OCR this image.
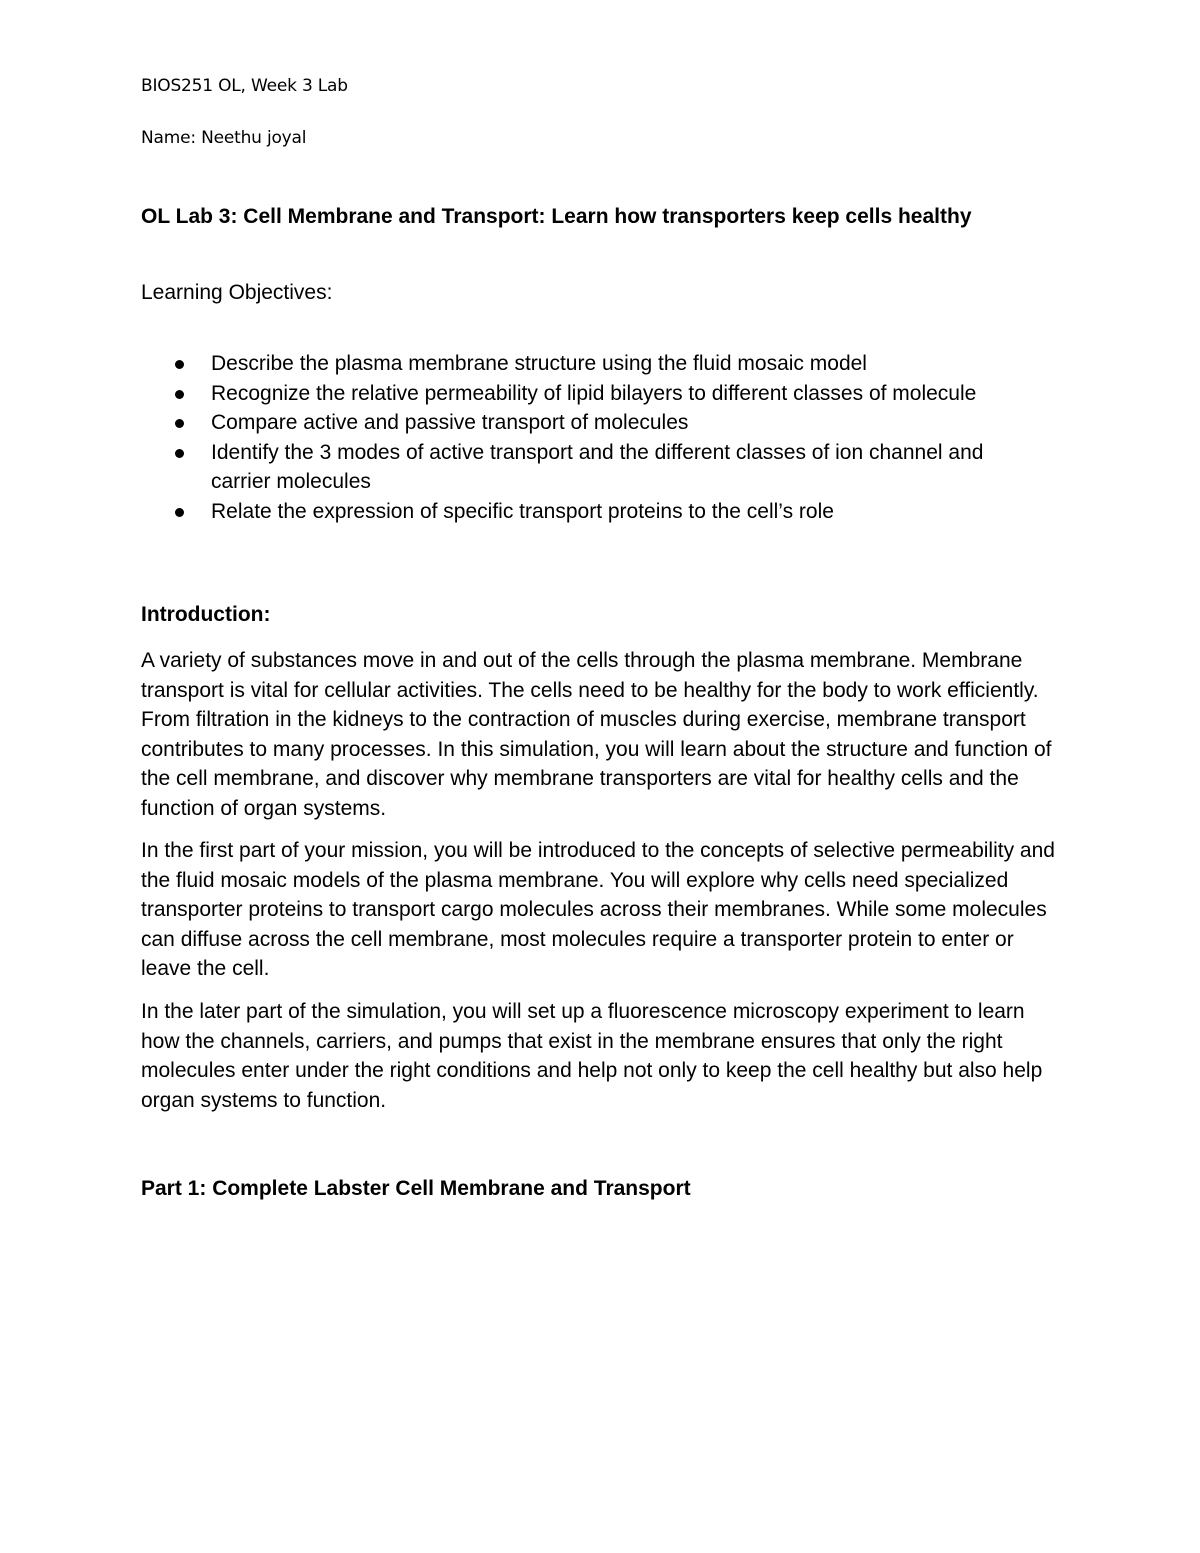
BIOS251 OL, Week 3 Lab
Name: Neethu joyal
OL Lab 3: Cell Membrane and Transport: Learn how transporters keep cells healthy

Learning Objectives:

Describe the plasma membrane structure using the fluid mosaic model
Recognize the relative permeability of lipid bilayers to different classes of molecule
Compare active and passive transport of molecules
Identify the 3 modes of active transport and the different classes of ion channel and carrier molecules
Relate the expression of specific transport proteins to the cell’s role
Introduction:

A variety of substances move in and out of the cells through the plasma membrane. Membrane transport is vital for cellular activities. The cells need to be healthy for the body to work efficiently. From filtration in the kidneys to the contraction of muscles during exercise, membrane transport contributes to many processes. In this simulation, you will learn about the structure and function of the cell membrane, and discover why membrane transporters are vital for healthy cells and the function of organ systems.

In the first part of your mission, you will be introduced to the concepts of selective permeability and the fluid mosaic models of the plasma membrane. You will explore why cells need specialized transporter proteins to transport cargo molecules across their membranes. While some molecules can diffuse across the cell membrane, most molecules require a transporter protein to enter or leave the cell.

In the later part of the simulation, you will set up a fluorescence microscopy experiment to learn how the channels, carriers, and pumps that exist in the membrane ensures that only the right molecules enter under the right conditions and help not only to keep the cell healthy but also help organ systems to function.

Part 1: Complete Labster Cell Membrane and Transport
